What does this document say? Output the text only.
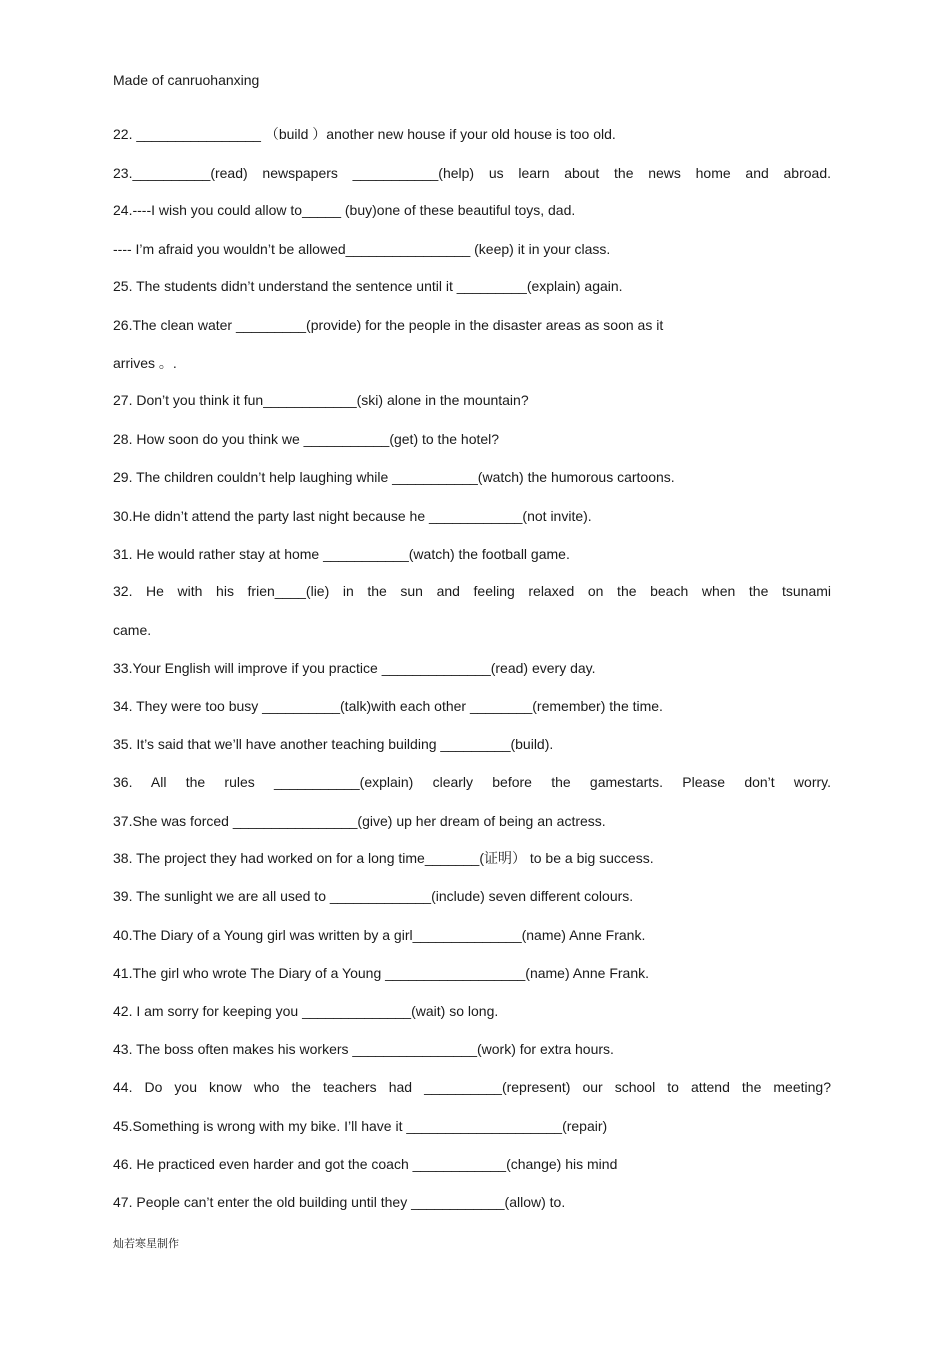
Made of canruohanxing
22. ________________ （build ）another new house if your old house is too old.
23.__________(read) newspapers ___________(help) us learn about the news home and abroad.
24.----I wish you could allow to_____ (buy)one of these beautiful toys, dad.
---- I’m afraid you wouldn’t be allowed________________ (keep) it in your class.
25. The students didn’t understand the sentence until it _________(explain) again.
26.The clean water _________(provide) for the people in the disaster areas as soon as it
arrives 。.
27. Don’t you think it fun____________(ski) alone in the mountain?
28. How soon do you think we ___________(get) to the hotel?
29. The children couldn’t help laughing while ___________(watch) the humorous cartoons.
30.He didn’t attend the party last night because he ____________(not invite).
31. He would rather stay at home ___________(watch) the football game.
32. He with his frien____(lie) in the sun and feeling relaxed on the beach when the tsunami
came.
33.Your English will improve if you practice ______________(read) every day.
34. They were too busy __________(talk)with each other ________(remember) the time.
35. It’s said that we’ll have another teaching building _________(build).
36. All the rules ___________(explain) clearly before the gamestarts. Please don’t worry.
37.She was forced ________________(give) up her dream of being an actress.
38. The project they had worked on for a long time_______(证明） to be a big success.
39. The sunlight we are all used to _____________(include) seven different colours.
40.The Diary of a Young girl was written by a girl______________(name) Anne Frank.
41.The girl who wrote The Diary of a Young __________________(name) Anne Frank.
42. I am sorry for keeping you ______________(wait) so long.
43. The boss often makes his workers ________________(work) for extra hours.
44. Do you know who the teachers had __________(represent) our school to attend the meeting?
45.Something is wrong with my bike. I’ll have it ____________________(repair)
46. He practiced even harder and got the coach ____________(change) his mind
47. People can’t enter the old building until they ____________(allow) to.
灿若寒星制作
